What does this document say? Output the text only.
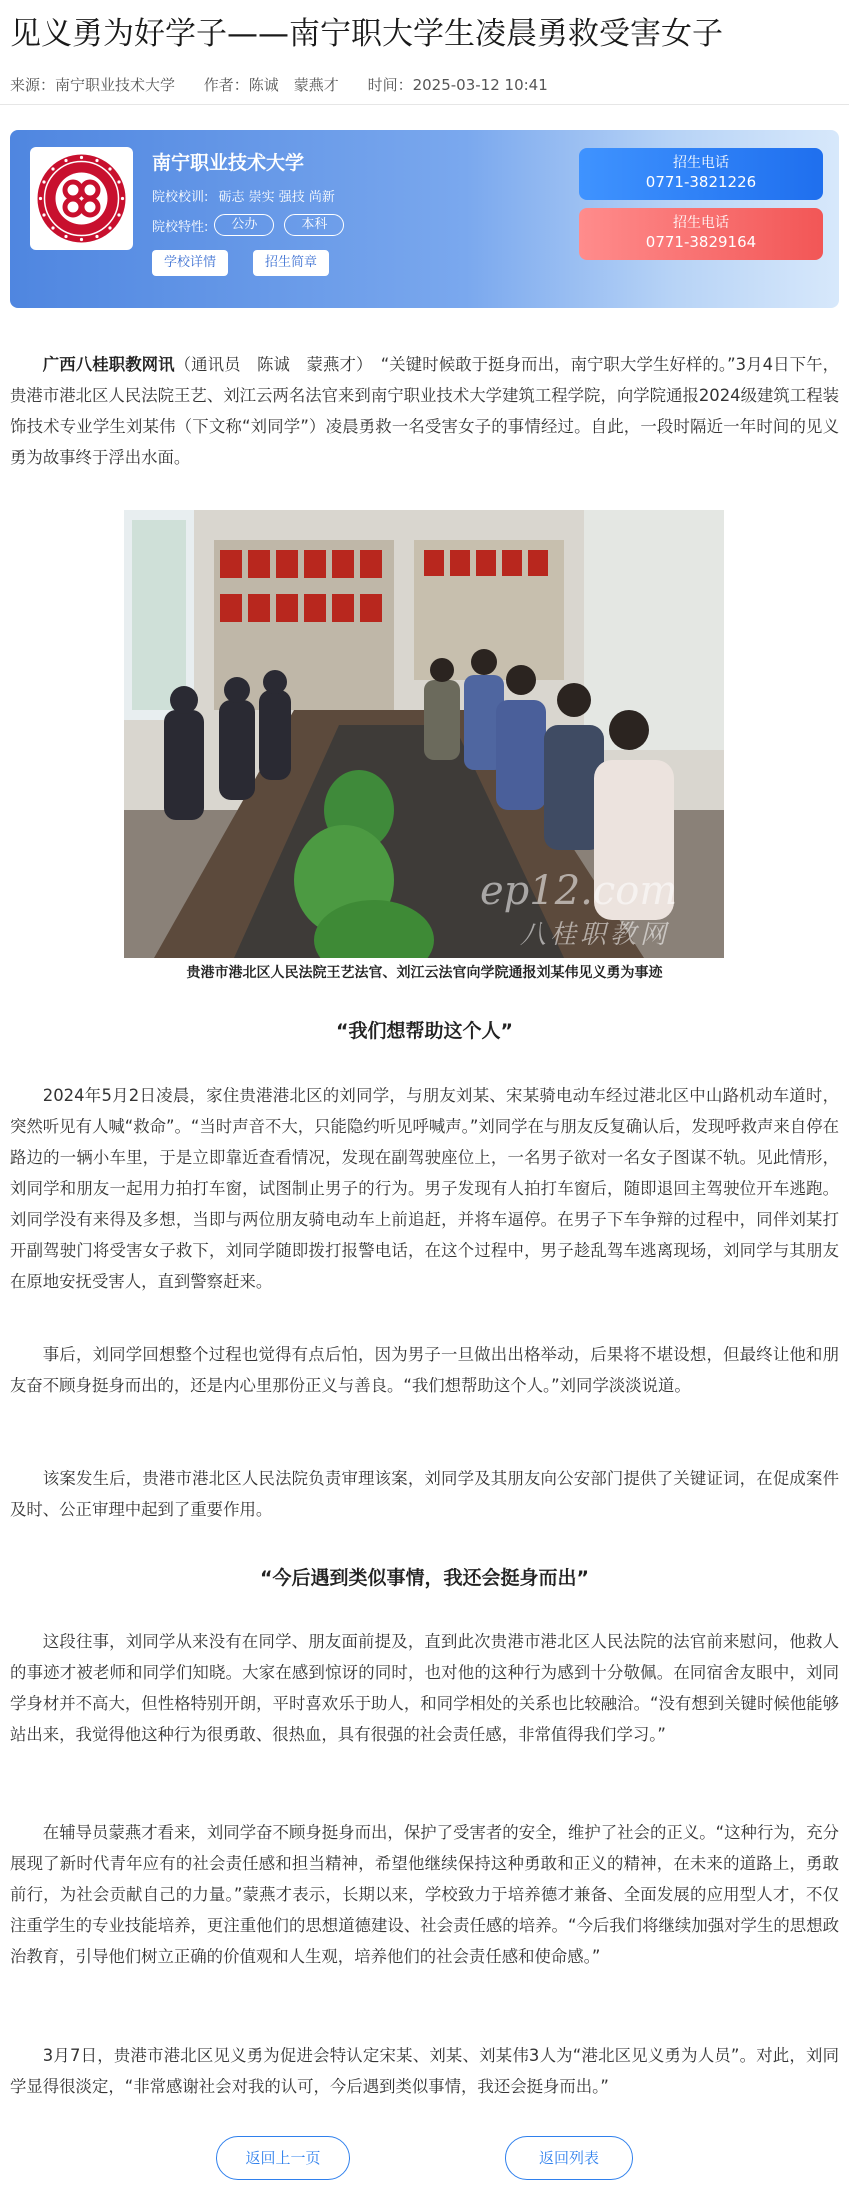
见义勇为好学子——南宁职大学生凌晨勇救受害女子
来源：南宁职业技术大学 作者：陈诚　蒙燕才 时间：2025-03-12 10:41
南宁职业技术大学
院校校训: 砺志 崇实 强技 尚新
院校特性:	公办	本科
学校详情	招生简章
招生电话
0771-3821226
招生电话
0771-3829164

广西八桂职教网讯（通讯员　陈诚　蒙燕才）　“关键时候敢于挺身而出，南宁职大学生好样的。”3月4日下午，贵港市港北区人民法院王艺、刘江云两名法官来到南宁职业技术大学建筑工程学院，向学院通报2024级建筑工程装饰技术专业学生刘某伟（下文称“刘同学”）凌晨勇救一名受害女子的事情经过。自此，一段时隔近一年时间的见义勇为故事终于浮出水面。

ep12.com
八桂职教网
贵港市港北区人民法院王艺法官、刘江云法官向学院通报刘某伟见义勇为事迹
“我们想帮助这个人”

2024年5月2日凌晨，家住贵港港北区的刘同学，与朋友刘某、宋某骑电动车经过港北区中山路机动车道时，突然听见有人喊“救命”。“当时声音不大，只能隐约听见呼喊声。”刘同学在与朋友反复确认后，发现呼救声来自停在路边的一辆小车里，于是立即靠近查看情况，发现在副驾驶座位上，一名男子欲对一名女子图谋不轨。见此情形，刘同学和朋友一起用力拍打车窗，试图制止男子的行为。男子发现有人拍打车窗后，随即退回主驾驶位开车逃跑。刘同学没有来得及多想，当即与两位朋友骑电动车上前追赶，并将车逼停。在男子下车争辩的过程中，同伴刘某打开副驾驶门将受害女子救下，刘同学随即拨打报警电话，在这个过程中，男子趁乱驾车逃离现场，刘同学与其朋友在原地安抚受害人，直到警察赶来。

事后，刘同学回想整个过程也觉得有点后怕，因为男子一旦做出出格举动，后果将不堪设想，但最终让他和朋友奋不顾身挺身而出的，还是内心里那份正义与善良。“我们想帮助这个人。”刘同学淡淡说道。

该案发生后，贵港市港北区人民法院负责审理该案，刘同学及其朋友向公安部门提供了关键证词，在促成案件及时、公正审理中起到了重要作用。

“今后遇到类似事情，我还会挺身而出”

这段往事，刘同学从来没有在同学、朋友面前提及，直到此次贵港市港北区人民法院的法官前来慰问，他救人的事迹才被老师和同学们知晓。大家在感到惊讶的同时，也对他的这种行为感到十分敬佩。在同宿舍友眼中，刘同学身材并不高大，但性格特别开朗，平时喜欢乐于助人，和同学相处的关系也比较融洽。“没有想到关键时候他能够站出来，我觉得他这种行为很勇敢、很热血，具有很强的社会责任感，非常值得我们学习。”

在辅导员蒙燕才看来，刘同学奋不顾身挺身而出，保护了受害者的安全，维护了社会的正义。“这种行为，充分展现了新时代青年应有的社会责任感和担当精神，希望他继续保持这种勇敢和正义的精神，在未来的道路上，勇敢前行，为社会贡献自己的力量。”蒙燕才表示，长期以来，学校致力于培养德才兼备、全面发展的应用型人才，不仅注重学生的专业技能培养，更注重他们的思想道德建设、社会责任感的培养。“今后我们将继续加强对学生的思想政治教育，引导他们树立正确的价值观和人生观，培养他们的社会责任感和使命感。”

3月7日，贵港市港北区见义勇为促进会特认定宋某、刘某、刘某伟3人为“港北区见义勇为人员”。对此，刘同学显得很淡定，“非常感谢社会对我的认可，今后遇到类似事情，我还会挺身而出。”

返回上一页	返回列表
